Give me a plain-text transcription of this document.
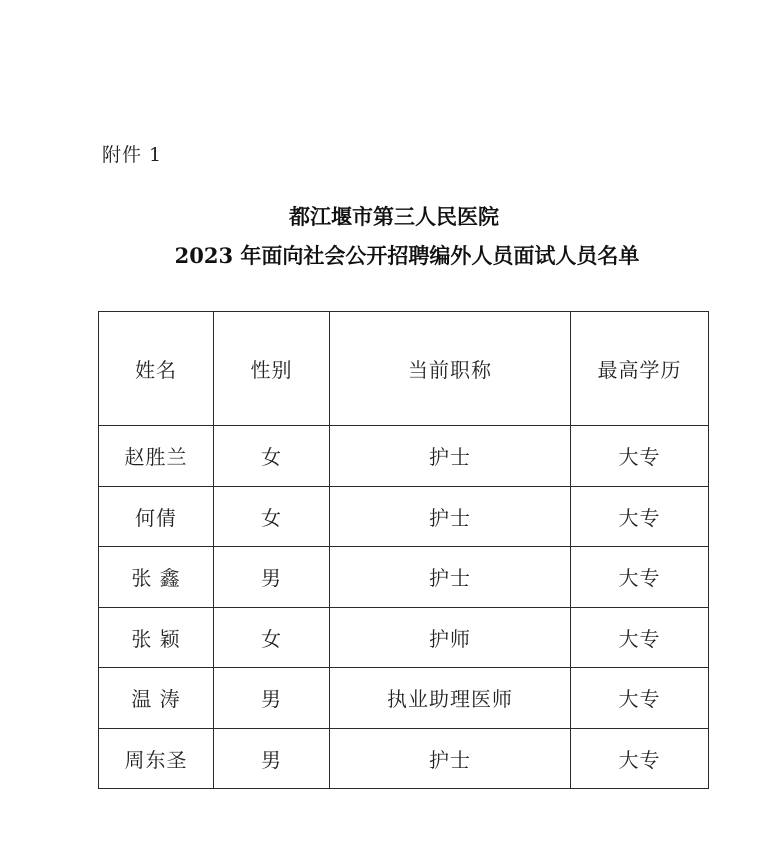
附件 1
都江堰市第三人民医院
2023 年面向社会公开招聘编外人员面试人员名单
姓名	性别	当前职称	最高学历
赵胜兰	女	护士	大专
何倩	女	护士	大专
张 鑫	男	护士	大专
张 颖	女	护师	大专
温 涛	男	执业助理医师	大专
周东圣	男	护士	大专
